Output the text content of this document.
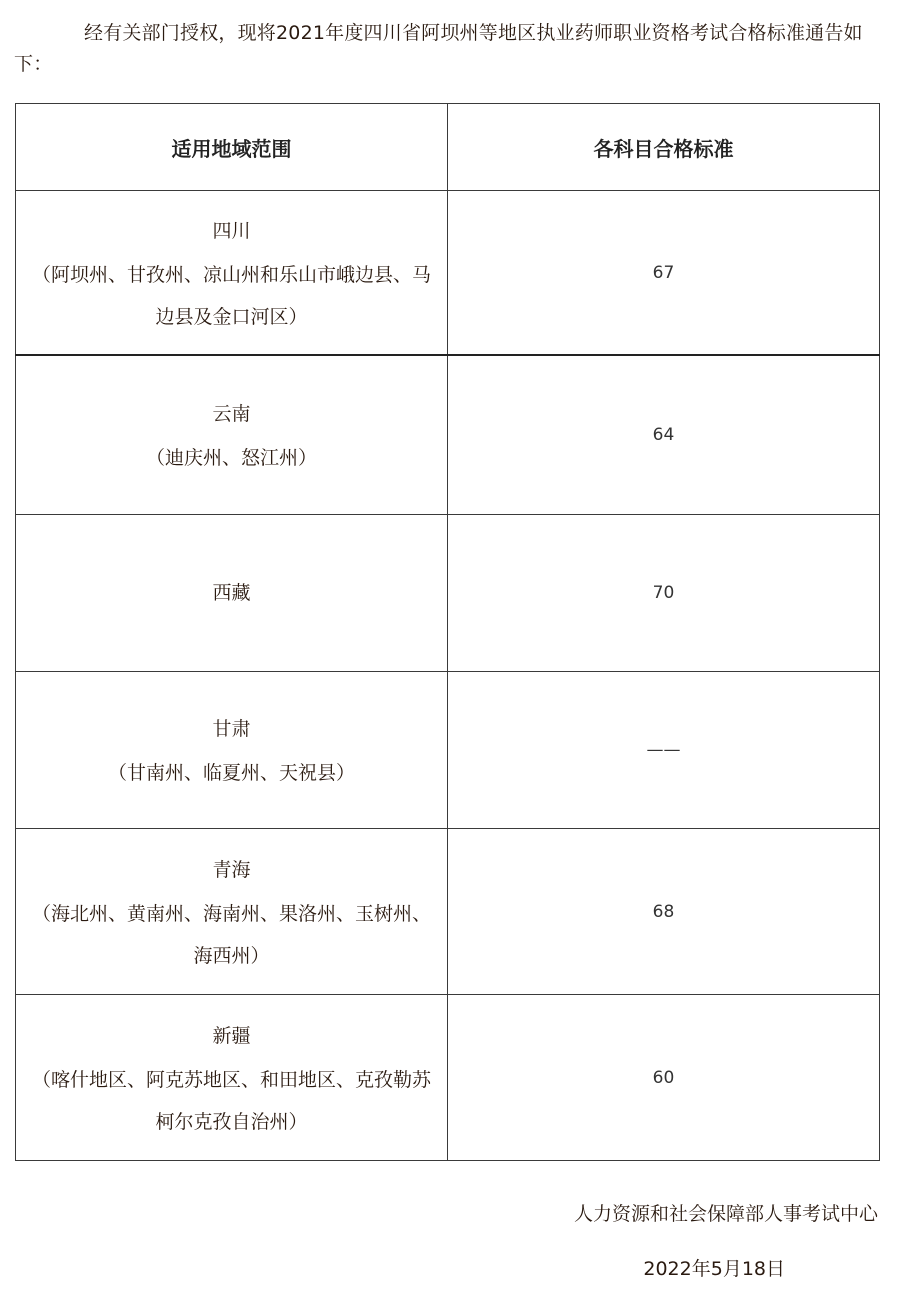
经有关部门授权，现将2021年度四川省阿坝州等地区执业药师职业资格考试合格标准通告如下：

适用地域范围	各科目合格标准

四川
（阿坝州、甘孜州、凉山州和乐山市峨边县、马边县及金口河区）	67

云南
（迪庆州、怒江州）	64

西藏	70

甘肃
（甘南州、临夏州、天祝县）	——

青海
（海北州、黄南州、海南州、果洛州、玉树州、海西州）	68

新疆
（喀什地区、阿克苏地区、和田地区、克孜勒苏柯尔克孜自治州）	60

人力资源和社会保障部人事考试中心

2022年5月18日
